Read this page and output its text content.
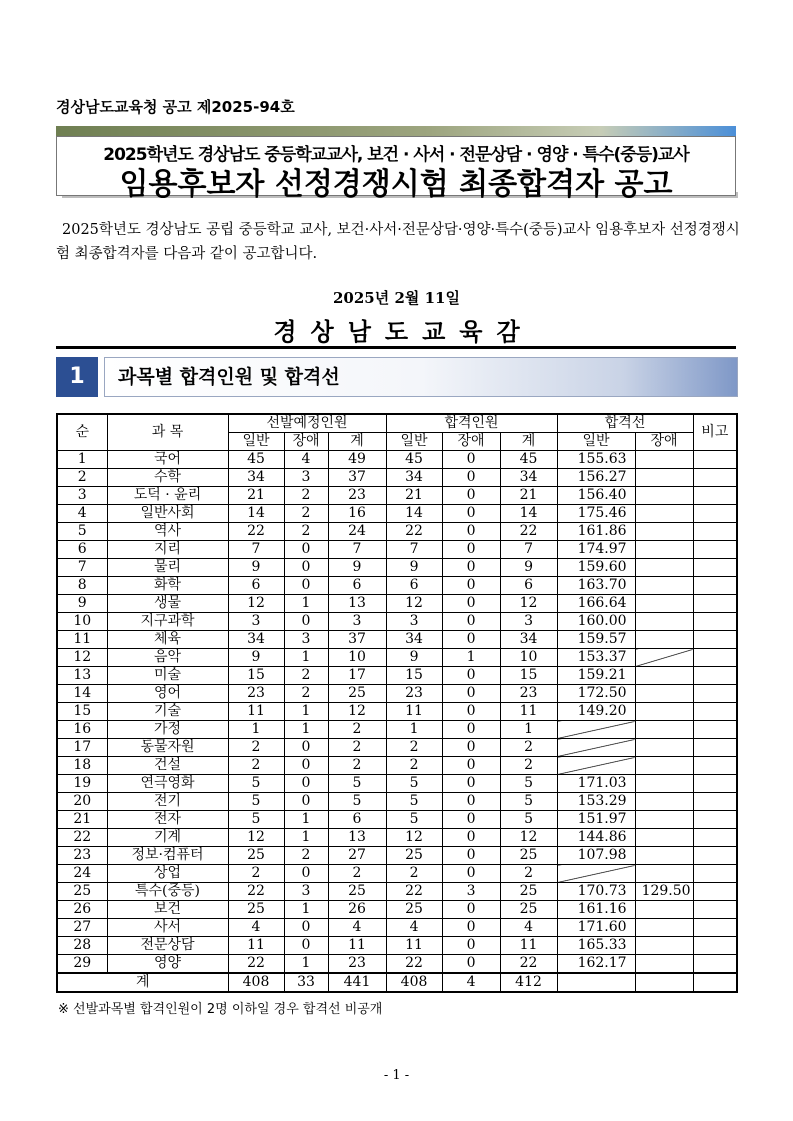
경상남도교육청 공고 제2025-94호
2025학년도 경상남도 중등학교교사, 보건 · 사서 · 전문상담 · 영양 · 특수(중등)교사
임용후보자 선정경쟁시험 최종합격자 공고
2025학년도 경상남도 공립 중등학교 교사, 보건·사서·전문상담·영양·특수(중등)교사 임용후보자 선정경쟁시험 최종합격자를 다음과 같이 공고합니다.
2025년 2월 11일
경상남도교육감
1	과목별 합격인원 및 합격선
순	과 목	선발예정인원			합격인원			합격선		비고
		일반	장애	계	일반	장애	계	일반	장애	
1	국어	45	4	49	45	0	45	155.63		
2	수학	34	3	37	34	0	34	156.27		
3	도덕 · 윤리	21	2	23	21	0	21	156.40		
4	일반사회	14	2	16	14	0	14	175.46		
5	역사	22	2	24	22	0	22	161.86		
6	지리	7	0	7	7	0	7	174.97		
7	물리	9	0	9	9	0	9	159.60		
8	화학	6	0	6	6	0	6	163.70		
9	생물	12	1	13	12	0	12	166.64		
10	지구과학	3	0	3	3	0	3	160.00		
11	체육	34	3	37	34	0	34	159.57		
12	음악	9	1	10	9	1	10	153.37		
13	미술	15	2	17	15	0	15	159.21		
14	영어	23	2	25	23	0	23	172.50		
15	기술	11	1	12	11	0	11	149.20		
16	가정	1	1	2	1	0	1			
17	동물자원	2	0	2	2	0	2			
18	건설	2	0	2	2	0	2			
19	연극영화	5	0	5	5	0	5	171.03		
20	전기	5	0	5	5	0	5	153.29		
21	전자	5	1	6	5	0	5	151.97		
22	기계	12	1	13	12	0	12	144.86		
23	정보·컴퓨터	25	2	27	25	0	25	107.98		
24	상업	2	0	2	2	0	2			
25	특수(중등)	22	3	25	22	3	25	170.73	129.50	
26	보건	25	1	26	25	0	25	161.16		
27	사서	4	0	4	4	0	4	171.60		
28	전문상담	11	0	11	11	0	11	165.33		
29	영양	22	1	23	22	0	22	162.17		
계		408	33	441	408	4	412			
※ 선발과목별 합격인원이 2명 이하일 경우 합격선 비공개
- 1 -
